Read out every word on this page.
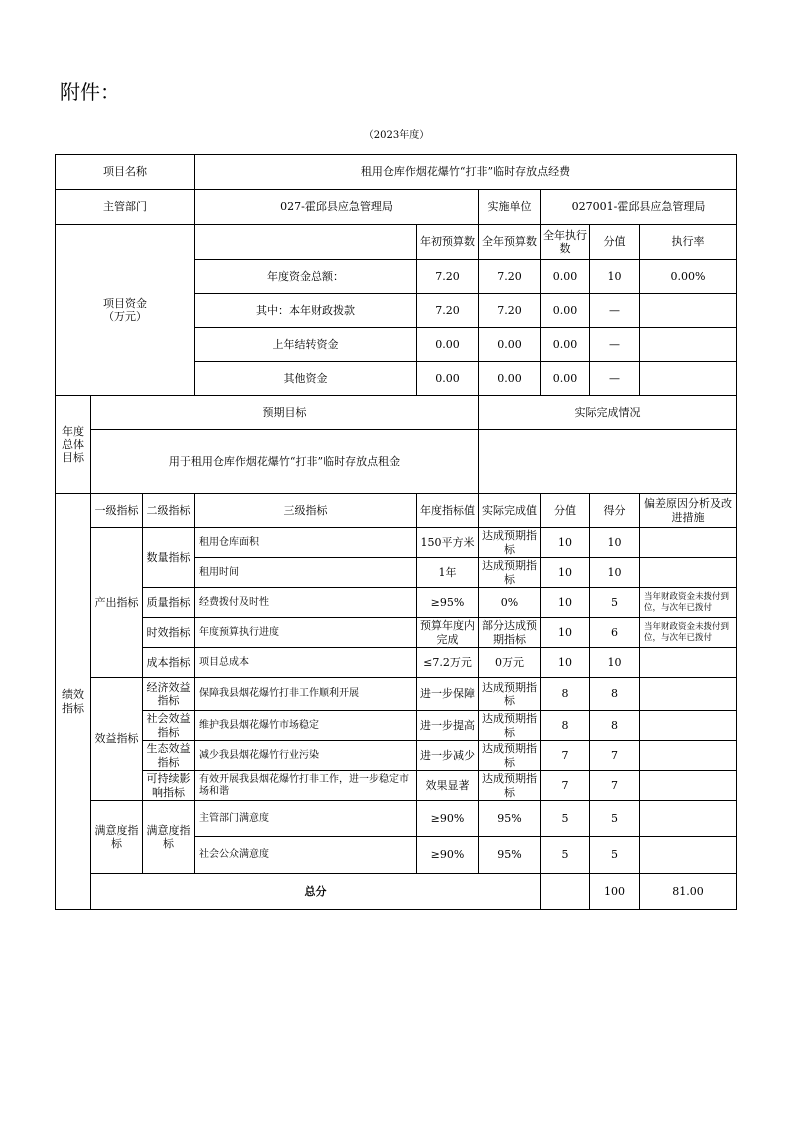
附件：
（2023年度）
项目名称			租用仓库作烟花爆竹“打非”临时存放点经费						
主管部门			027-霍邱县应急管理局		实施单位	027001-霍邱县应急管理局			
项目资金
（万元）				年初预算数	全年预算数	全年执行数	分值	执行率	
			年度资金总额：	7.20	7.20	0.00	10	0.00%	
			其中：本年财政拨款	7.20	7.20	0.00	—		
			上年结转资金	0.00	0.00	0.00	—		
			其他资金	0.00	0.00	0.00	—		
年度总体目标	预期目标				实际完成情况				
	用于租用仓库作烟花爆竹“打非”临时存放点租金								
绩效指标	一级指标	二级指标	三级指标	年度指标值	实际完成值	分值	得分	偏差原因分析及改进措施	
	产出指标	数量指标	租用仓库面积	150平方米	达成预期指标	10	10		
			租用时间	1年	达成预期指标	10	10		
		质量指标	经费拨付及时性	≥95%	0%	10	5	当年财政资金未拨付到位，与次年已拨付	
		时效指标	年度预算执行进度	预算年度内完成	部分达成预期指标	10	6	当年财政资金未拨付到位，与次年已拨付	
		成本指标	项目总成本	≤7.2万元	0万元	10	10		
	效益指标	经济效益指标	保障我县烟花爆竹打非工作顺利开展	进一步保障	达成预期指标	8	8		
		社会效益指标	维护我县烟花爆竹市场稳定	进一步提高	达成预期指标	8	8		
		生态效益指标	减少我县烟花爆竹行业污染	进一步减少	达成预期指标	7	7		
		可持续影响指标	有效开展我县烟花爆竹打非工作，进一步稳定市场和谐	效果显著	达成预期指标	7	7		
	满意度指标	满意度指标	主管部门满意度	≥90%	95%	5	5		
			社会公众满意度	≥90%	95%	5	5		
	总分						100	81.00	
